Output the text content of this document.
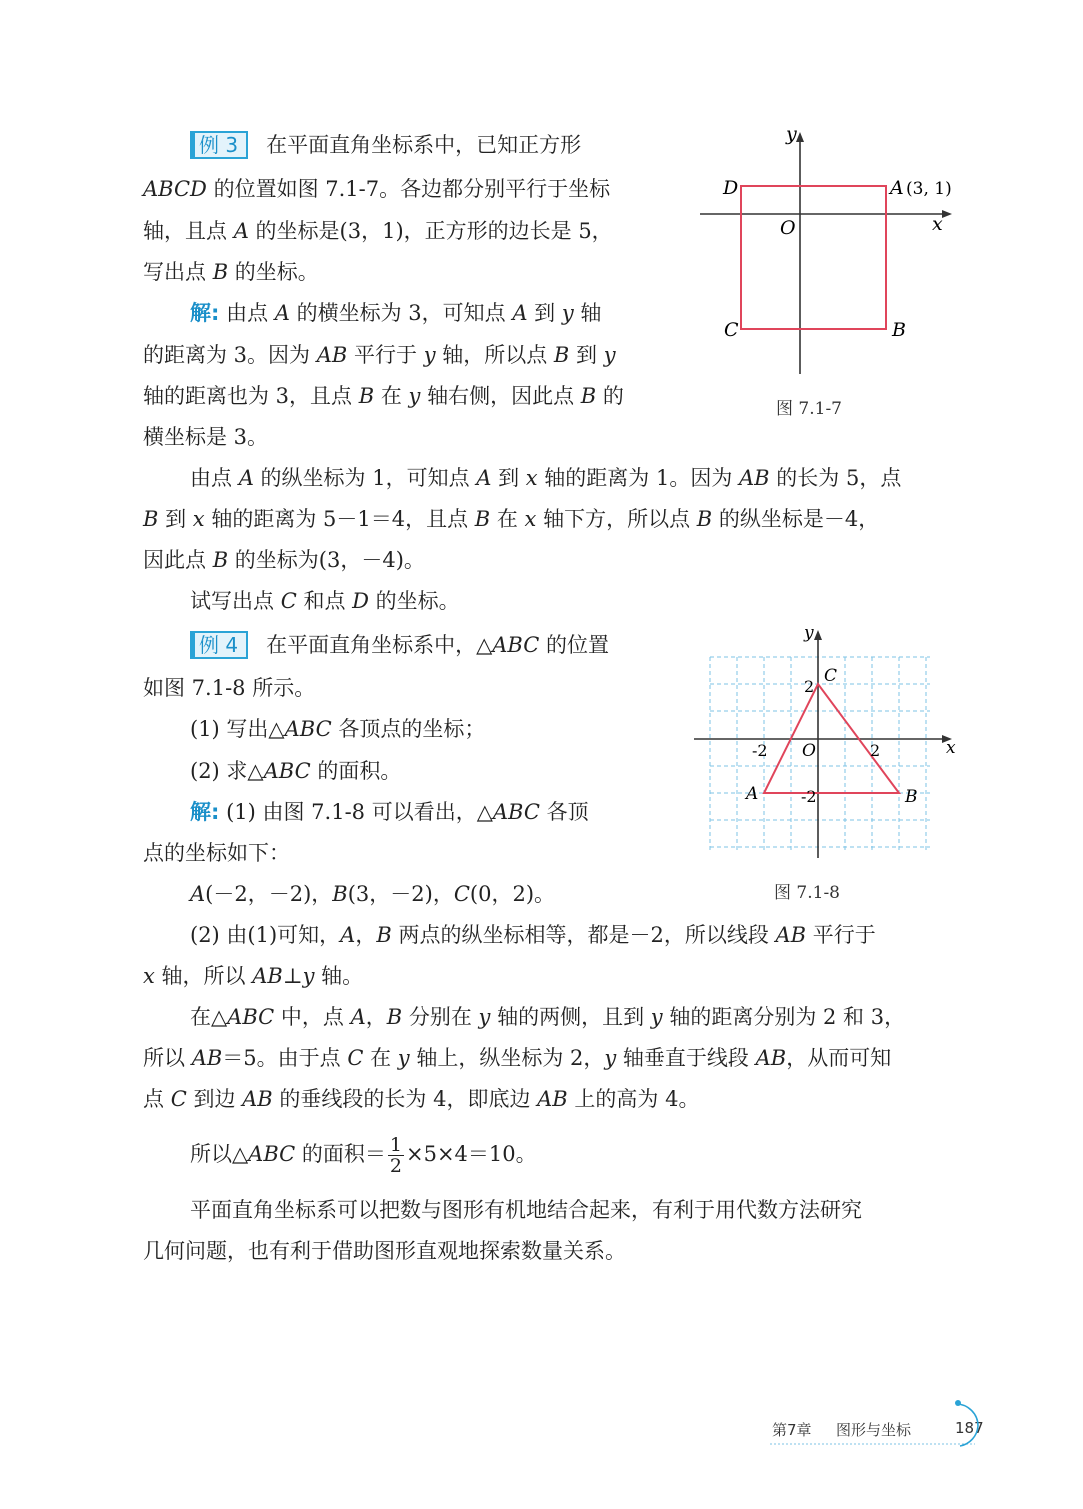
例 3 在平面直角坐标系中，已知正方形
ABCD 的位置如图 7.1-7。各边都分别平行于坐标
轴，且点 A 的坐标是(3，1)，正方形的边长是 5，
写出点 B 的坐标。
解: 由点 A 的横坐标为 3，可知点 A 到 y 轴
的距离为 3。因为 AB 平行于 y 轴，所以点 B 到 y
轴的距离也为 3，且点 B 在 y 轴右侧，因此点 B 的
横坐标是 3。
由点 A 的纵坐标为 1，可知点 A 到 x 轴的距离为 1。因为 AB 的长为 5，点
B 到 x 轴的距离为 5－1＝4，且点 B 在 x 轴下方，所以点 B 的纵坐标是－4，
因此点 B 的坐标为(3，－4)。
试写出点 C 和点 D 的坐标。
y
x
O
D	A (3, 1)
C	B
图 7.1-7
例 4 在平面直角坐标系中，△ABC 的位置
如图 7.1-8 所示。
(1) 写出△ABC 各顶点的坐标；
(2) 求△ABC 的面积。
解: (1) 由图 7.1-8 可以看出，△ABC 各顶
点的坐标如下：
A(－2，－2)，B(3，－2)，C(0，2)。
(2) 由(1)可知，A，B 两点的纵坐标相等，都是－2，所以线段 AB 平行于
x 轴，所以 AB⊥y 轴。
在△ABC 中，点 A，B 分别在 y 轴的两侧，且到 y 轴的距离分别为 2 和 3，
所以 AB＝5。由于点 C 在 y 轴上，纵坐标为 2，y 轴垂直于线段 AB，从而可知
点 C 到边 AB 的垂线段的长为 4，即底边 AB 上的高为 4。
所以△ABC 的面积＝ $\frac{1}{2} \times 5\times 4=10$。
y
x
O
-2	2
2
-2
A	B
C
图 7.1-8
平面直角坐标系可以把数与图形有机地结合起来，有利于用代数方法研究
几何问题，也有利于借助图形直观地探索数量关系。
第7章 图形与坐标	187
